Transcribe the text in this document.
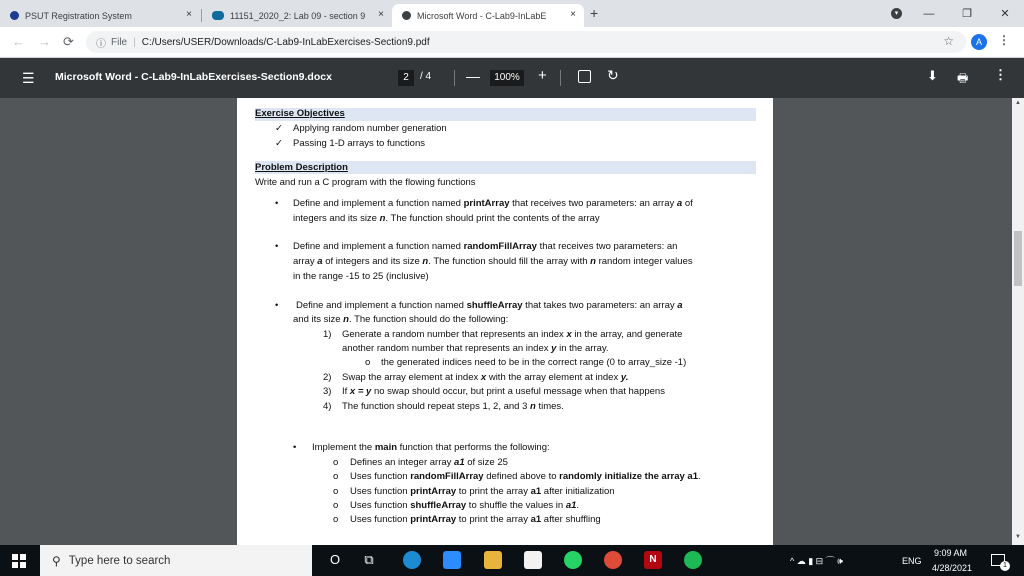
PSUT Registration System	×	11151_2020_2: Lab 09 - section 9 ×	Microsoft Word - C-Lab9-InLabE × +	▾	—	❐	✕
← → ⟳ ⓘ File | C:/Users/USER/Downloads/C-Lab9-InLabExercises-Section9.pdf	☆	A	⋮
☰ Microsoft Word - C-Lab9-InLabExercises-Section9.docx	2	/ 4 —	100% +	↻	⬇ 🖶 ⋮
Exercise Objectives
✓ Applying random number generation
✓ Passing 1-D arrays to functions
Problem Description
Write and run a C program with the flowing functions
• Define and implement a function named printArray that receives two parameters: an array a of
integers and its size n. The function should print the contents of the array
• Define and implement a function named randomFillArray that receives two parameters: an
array a of integers and its size n. The function should fill the array with n random integer values
in the range -15 to 25 (inclusive)
• Define and implement a function named shuffleArray that takes two parameters: an array a
and its size n. The function should do the following:
1) Generate a random number that represents an index x in the array, and generate
another random number that represents an index y in the array.
o the generated indices need to be in the correct range (0 to array_size -1)
2) Swap the array element at index x with the array element at index y.
3) If x = y no swap should occur, but print a useful message when that happens
4) The function should repeat steps 1, 2, and 3 n times.
• Implement the main function that performs the following:
o Defines an integer array a1 of size 25
o Uses function randomFillArray defined above to randomly initialize the array a1.
o Uses function printArray to print the array a1 after initialization
o Uses function shuffleArray to shuffle the values in a1.
o Uses function printArray to print the array a1 after shuffling
▲
▼
⚲ Type here to search	O	⧉	N	^ ☁ ▮ ⊟ ⌒ 🕪	ENG
9:09 AM
4/28/2021	1
